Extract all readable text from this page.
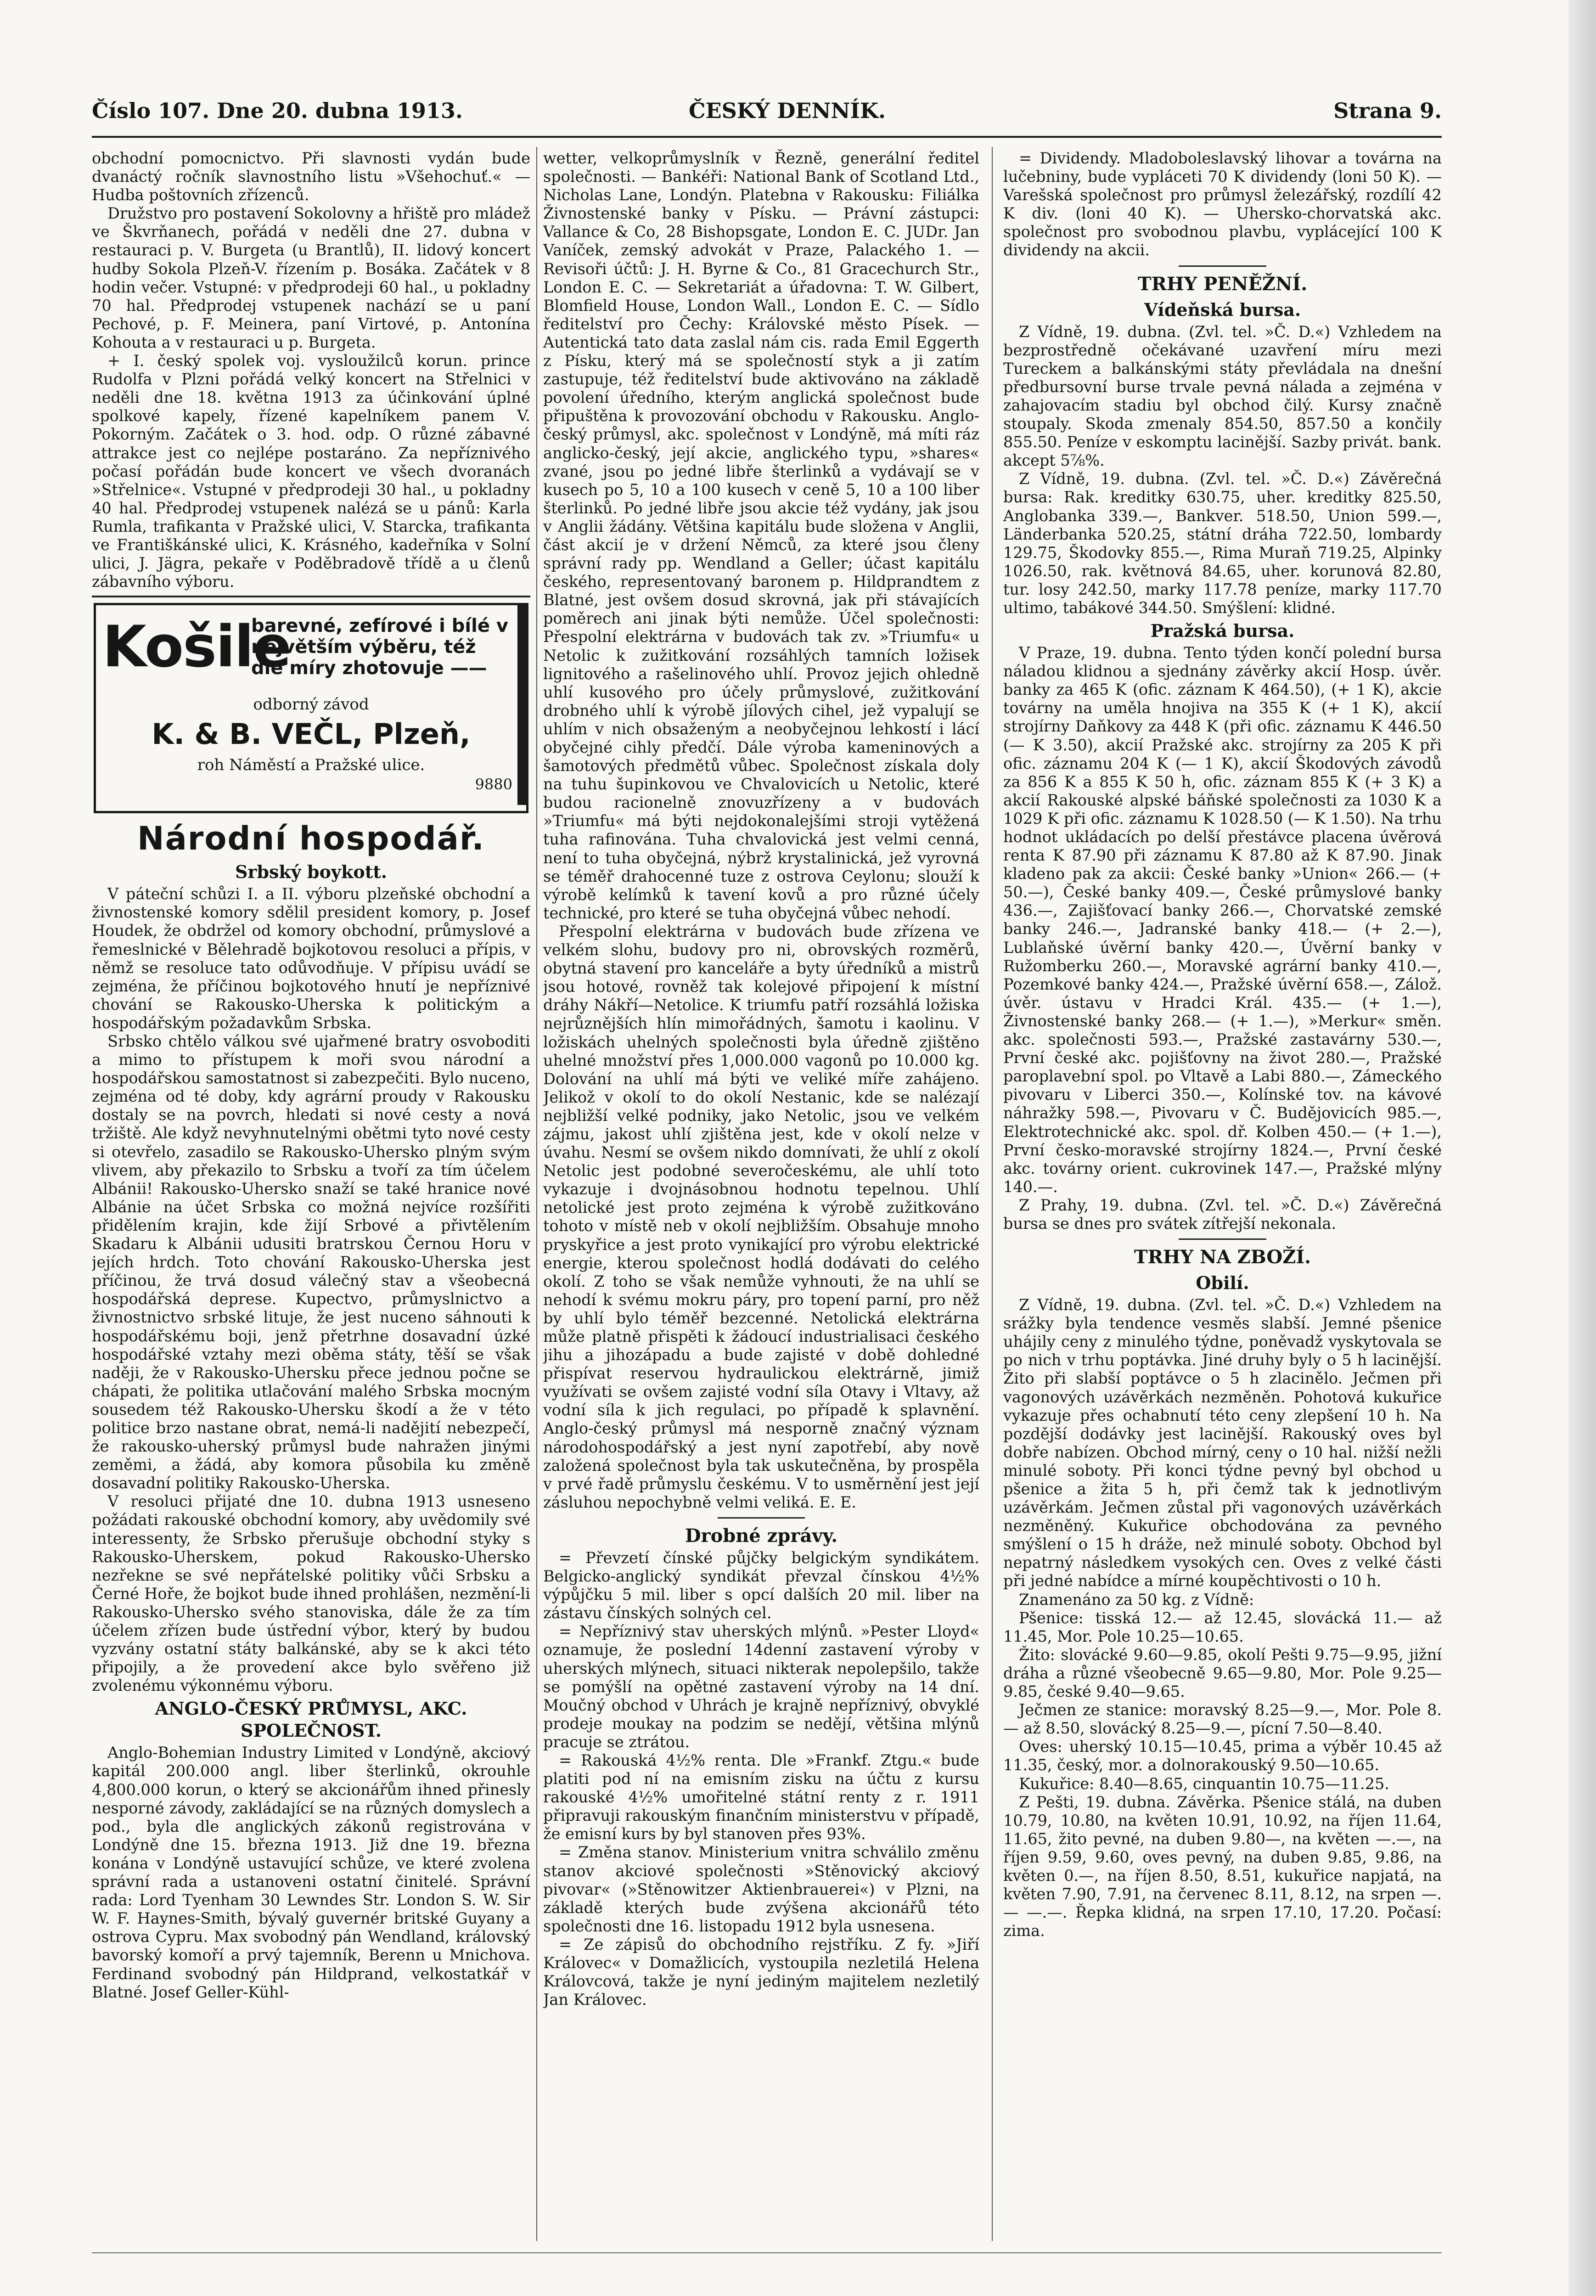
Číslo 107. Dne 20. dubna 1913.	ČESKÝ DENNÍK.	Strana 9.

obchodní pomocnictvo. Při slavnosti vydán bude dvanáctý ročník slavnostního listu »Všehochuť.« — Hudba poštovních zřízenců.

Družstvo pro postavení Sokolovny a hřiště pro mládež ve Škvrňanech, pořádá v neděli dne 27. dubna v restauraci p. V. Burgeta (u Brantlů), II. lidový koncert hudby Sokola Plzeň-V. řízením p. Bosáka. Začátek v 8 hodin večer. Vstupné: v předprodeji 60 hal., u pokladny 70 hal. Předprodej vstupenek nachází se u paní Pechové, p. F. Meinera, paní Virtové, p. Antonína Kohouta a v restauraci u p. Burgeta.

+ I. český spolek voj. vysloužilců korun. prince Rudolfa v Plzni pořádá velký koncert na Střelnici v neděli dne 18. května 1913 za účinkování úplné spolkové kapely, řízené kapelníkem panem V. Pokorným. Začátek o 3. hod. odp. O různé zábavné attrakce jest co nejlépe postaráno. Za nepříznivého počasí pořádán bude koncert ve všech dvoranách »Střelnice«. Vstupné v předprodeji 30 hal., u pokladny 40 hal. Předprodej vstupenek nalézá se u pánů: Karla Rumla, trafikanta v Pražské ulici, V. Starcka, trafikanta ve Františkánské ulici, K. Krásného, kadeřníka v Solní ulici, J. Jägra, pekaře v Poděbradově třídě a u členů zábavního výboru.

Košile
barevné, zefírové i bílé v největším výběru, též dle míry zhotovuje ——
odborný závod
K. & B. VEČL, Plzeň,
roh Náměstí a Pražské ulice.
9880

Národní hospodář.

Srbský boykott.

V páteční schůzi I. a II. výboru plzeňské obchodní a živnostenské komory sdělil president komory, p. Josef Houdek, že obdržel od komory obchodní, průmyslové a řemeslnické v Bělehradě bojkotovou resoluci a přípis, v němž se resoluce tato odůvodňuje. V přípisu uvádí se zejména, že příčinou bojkotového hnutí je nepříznivé chování se Rakousko-Uherska k politickým a hospodářským požadavkům Srbska.

Srbsko chtělo válkou své ujařmené bratry osvoboditi a mimo to přístupem k moři svou národní a hospodářskou samostatnost si zabezpečiti. Bylo nuceno, zejména od té doby, kdy agrární proudy v Rakousku dostaly se na povrch, hledati si nové cesty a nová tržiště. Ale když nevyhnutelnými obětmi tyto nové cesty si otevřelo, zasadilo se Rakousko-Uhersko plným svým vlivem, aby překazilo to Srbsku a tvoří za tím účelem Albánii! Rakousko-Uhersko snaží se také hranice nové Albánie na účet Srbska co možná nejvíce rozšířiti přidělením krajin, kde žijí Srbové a přivtělením Skadaru k Albánii udusiti bratrskou Černou Horu v jejích hrdch. Toto chování Rakousko-Uherska jest příčinou, že trvá dosud válečný stav a všeobecná hospodářská deprese. Kupectvo, průmyslnictvo a živnostnictvo srbské lituje, že jest nuceno sáhnouti k hospodářskému boji, jenž přetrhne dosavadní úzké hospodářské vztahy mezi oběma státy, těší se však naději, že v Rakousko-Uhersku přece jednou počne se chápati, že politika utlačování malého Srbska mocným sousedem též Rakousko-Uhersku škodí a že v této politice brzo nastane obrat, nemá-li nadějití nebezpečí, že rakousko-uherský průmysl bude nahražen jinými zeměmi, a žádá, aby komora působila ku změně dosavadní politiky Rakousko-Uherska.

V resoluci přijaté dne 10. dubna 1913 usneseno požádati rakouské obchodní komory, aby uvědomily své interessenty, že Srbsko přerušuje obchodní styky s Rakousko-Uherskem, pokud Rakousko-Uhersko nezřekne se své nepřátelské politiky vůči Srbsku a Černé Hoře, že bojkot bude ihned prohlášen, nezmění-li Rakousko-Uhersko svého stanoviska, dále že za tím účelem zřízen bude ústřední výbor, který by budou vyzvány ostatní státy balkánské, aby se k akci této připojily, a že provedení akce bylo svěřeno již zvolenému výkonnému výboru.

ANGLO-ČESKÝ PRŮMYSL, AKC. SPOLEČNOST.

Anglo-Bohemian Industry Limited v Londýně, akciový kapitál 200.000 angl. liber šterlinků, okrouhle 4,800.000 korun, o který se akcionářům ihned přinesly nesporné závody, zakládající se na různých domyslech a pod., byla dle anglických zákonů registrována v Londýně dne 15. března 1913. Již dne 19. března konána v Londýně ustavující schůze, ve které zvolena správní rada a ustanoveni ostatní činitelé. Správní rada: Lord Tyenham 30 Lewndes Str. London S. W. Sir W. F. Haynes-Smith, bývalý guvernér britské Guyany a ostrova Cypru. Max svobodný pán Wendland, královský bavorský komoří a prvý tajemník, Berenn u Mnichova. Ferdinand svobodný pán Hildprand, velkostatkář v Blatné. Josef Geller-Kühl-

wetter, velkoprůmyslník v Řezně, generální ředitel společnosti. — Bankéři: National Bank of Scotland Ltd., Nicholas Lane, Londýn. Platebna v Rakousku: Filiálka Živnostenské banky v Písku. — Právní zástupci: Vallance & Co, 28 Bishopsgate, London E. C. JUDr. Jan Vaníček, zemský advokát v Praze, Palackého 1. — Revisoři účtů: J. H. Byrne & Co., 81 Gracechurch Str., London E. C. — Sekretariát a úřadovna: T. W. Gilbert, Blomfield House, London Wall., London E. C. — Sídlo ředitelství pro Čechy: Královské město Písek. — Autentická tato data zaslal nám cis. rada Emil Eggerth z Písku, který má se společností styk a ji zatím zastupuje, též ředitelství bude aktivováno na základě povolení úředního, kterým anglická společnost bude připuštěna k provozování obchodu v Rakousku. Anglo-český průmysl, akc. společnost v Londýně, má míti ráz anglicko-český, její akcie, anglického typu, »shares« zvané, jsou po jedné libře šterlinků a vydávají se v kusech po 5, 10 a 100 kusech v ceně 5, 10 a 100 liber šterlinků. Po jedné libře jsou akcie též vydány, jak jsou v Anglii žádány. Většina kapitálu bude složena v Anglii, část akcií je v držení Němců, za které jsou členy správní rady pp. Wendland a Geller; účast kapitálu českého, representovaný baronem p. Hildprandtem z Blatné, jest ovšem dosud skrovná, jak při stávajících poměrech ani jinak býti nemůže. Účel společnosti: Přespolní elektrárna v budovách tak zv. »Triumfu« u Netolic k zužitkování rozsáhlých tamních ložisek lignitového a rašelinového uhlí. Provoz jejich ohledně uhlí kusového pro účely průmyslové, zužitkování drobného uhlí k výrobě jílových cihel, jež vypalují se uhlím v nich obsaženým a neobyčejnou lehkostí i lácí obyčejné cihly předčí. Dále výroba kameninových a šamotových předmětů vůbec. Společnost získala doly na tuhu šupinkovou ve Chvalovicích u Netolic, které budou racionelně znovuzřízeny a v budovách »Triumfu« má býti nejdokonalejšími stroji vytěžená tuha rafinována. Tuha chvalovická jest velmi cenná, není to tuha obyčejná, nýbrž krystalinická, jež vyrovná se téměř drahocenné tuze z ostrova Ceylonu; slouží k výrobě kelímků k tavení kovů a pro různé účely technické, pro které se tuha obyčejná vůbec nehodí.

Přespolní elektrárna v budovách bude zřízena ve velkém slohu, budovy pro ni, obrovských rozměrů, obytná stavení pro kanceláře a byty úředníků a mistrů jsou hotové, rovněž tak kolejové připojení k místní dráhy Nákří—Netolice. K triumfu patří rozsáhlá ložiska nejrůznějších hlín mimořádných, šamotu i kaolinu. V ložiskách uhelných společnosti byla úředně zjištěno uhelné množství přes 1,000.000 vagonů po 10.000 kg. Dolování na uhlí má býti ve veliké míře zahájeno. Jelikož v okolí to do okolí Nestanic, kde se nalézají nejbližší velké podniky, jako Netolic, jsou ve velkém zájmu, jakost uhlí zjištěna jest, kde v okolí nelze v úvahu. Nesmí se ovšem nikdo domnívati, že uhlí z okolí Netolic jest podobné severočeskému, ale uhlí toto vykazuje i dvojnásobnou hodnotu tepelnou. Uhlí netolické jest proto zejména k výrobě zužitkováno tohoto v místě neb v okolí nejbližším. Obsahuje mnoho pryskyřice a jest proto vynikající pro výrobu elektrické energie, kterou společnost hodlá dodávati do celého okolí. Z toho se však nemůže vyhnouti, že na uhlí se nehodí k svému mokru páry, pro topení parní, pro něž by uhlí bylo téměř bezcenné. Netolická elektrárna může platně přispěti k žádoucí industrialisaci českého jihu a jihozápadu a bude zajisté v době dohledné přispívat reservou hydraulickou elektrárně, jimiž využívati se ovšem zajisté vodní síla Otavy i Vltavy, až vodní síla k jich regulaci, po případě k splavnění. Anglo-český průmysl má nesporně značný význam národohospodářský a jest nyní zapotřebí, aby nově založená společnost byla tak uskutečněna, by prospěla v prvé řadě průmyslu českému. V to usměrnění jest její zásluhou nepochybně velmi veliká. E. E.

Drobné zprávy.

= Převzetí čínské půjčky belgickým syndikátem. Belgicko-anglický syndikát převzal čínskou 4½% výpůjčku 5 mil. liber s opcí dalších 20 mil. liber na zástavu čínských solných cel.

= Nepříznivý stav uherských mlýnů. »Pester Lloyd« oznamuje, že poslední 14denní zastavení výroby v uherských mlýnech, situaci nikterak nepolepšilo, takže se pomýšlí na opětné zastavení výroby na 14 dní. Moučný obchod v Uhrách je krajně nepříznivý, obvyklé prodeje moukay na podzim se nedějí, většina mlýnů pracuje se ztrátou.

= Rakouská 4½% renta. Dle »Frankf. Ztgu.« bude platiti pod ní na emisním zisku na účtu z kursu rakouské 4½% umořitelné státní renty z r. 1911 připravuji rakouským finančním ministerstvu v případě, že emisní kurs by byl stanoven přes 93%.

= Změna stanov. Ministerium vnitra schválilo změnu stanov akciové společnosti »Stěnovický akciový pivovar« (»Stěnowitzer Aktienbrauerei«) v Plzni, na základě kterých bude zvýšena akcionářů této společnosti dne 16. listopadu 1912 byla usnesena.

= Ze zápisů do obchodního rejstříku. Z fy. »Jiří Královec« v Domažlicích, vystoupila nezletilá Helena Královcová, takže je nyní jediným majitelem nezletilý Jan Královec.

= Dividendy. Mladoboleslavský lihovar a továrna na lučebniny, bude vypláceti 70 K dividendy (loni 50 K). — Varešská společnost pro průmysl železářský, rozdílí 42 K div. (loni 40 K). — Uhersko-chorvatská akc. společnost pro svobodnou plavbu, vyplácející 100 K dividendy na akcii.

TRHY PENĚŽNÍ.

Vídeňská bursa.

Z Vídně, 19. dubna. (Zvl. tel. »Č. D.«) Vzhledem na bezprostředně očekávané uzavření míru mezi Tureckem a balkánskými státy převládala na dnešní předbursovní burse trvale pevná nálada a zejména v zahajovacím stadiu byl obchod čilý. Kursy značně stoupaly. Skoda zmenaly 854.50, 857.50 a končily 855.50. Peníze v eskomptu lacinější. Sazby privát. bank. akcept 5⅞%.

Z Vídně, 19. dubna. (Zvl. tel. »Č. D.«) Závěrečná bursa: Rak. kreditky 630.75, uher. kreditky 825.50, Anglobanka 339.—, Bankver. 518.50, Union 599.—, Länderbanka 520.25, státní dráha 722.50, lombardy 129.75, Škodovky 855.—, Rima Muraň 719.25, Alpinky 1026.50, rak. květnová 84.65, uher. korunová 82.80, tur. losy 242.50, marky 117.78 peníze, marky 117.70 ultimo, tabákové 344.50. Smýšlení: klidné.

Pražská bursa.

V Praze, 19. dubna. Tento týden končí polední bursa náladou klidnou a sjednány závěrky akcií Hosp. úvěr. banky za 465 K (ofic. záznam K 464.50), (+ 1 K), akcie továrny na uměla hnojiva na 355 K (+ 1 K), akcií strojírny Daňkovy za 448 K (při ofic. záznamu K 446.50 (— K 3.50), akcií Pražské akc. strojírny za 205 K při ofic. záznamu 204 K (— 1 K), akcií Škodových závodů za 856 K a 855 K 50 h, ofic. záznam 855 K (+ 3 K) a akcií Rakouské alpské báňské společnosti za 1030 K a 1029 K při ofic. záznamu K 1028.50 (— K 1.50). Na trhu hodnot ukládacích po delší přestávce placena úvěrová renta K 87.90 při záznamu K 87.80 až K 87.90. Jinak kladeno pak za akcii: České banky »Union« 266.— (+ 50.—), České banky 409.—, České průmyslové banky 436.—, Zajišťovací banky 266.—, Chorvatské zemské banky 246.—, Jadranské banky 418.— (+ 2.—), Lublaňské úvěrní banky 420.—, Úvěrní banky v Ružomberku 260.—, Moravské agrární banky 410.—, Pozemkové banky 424.—, Pražské úvěrní 658.—, Zálož. úvěr. ústavu v Hradci Král. 435.— (+ 1.—), Živnostenské banky 268.— (+ 1.—), »Merkur« směn. akc. společnosti 593.—, Pražské zastavárny 530.—, První české akc. pojišťovny na život 280.—, Pražské paroplavební spol. po Vltavě a Labi 880.—, Zámeckého pivovaru v Liberci 350.—, Kolínské tov. na kávové náhražky 598.—, Pivovaru v Č. Budějovicích 985.—, Elektrotechnické akc. spol. dř. Kolben 450.— (+ 1.—), První česko-moravské strojírny 1824.—, První české akc. továrny orient. cukrovinek 147.—, Pražské mlýny 140.—.

Z Prahy, 19. dubna. (Zvl. tel. »Č. D.«) Závěrečná bursa se dnes pro svátek zítřejší nekonala.

TRHY NA ZBOŽÍ.

Obilí.

Z Vídně, 19. dubna. (Zvl. tel. »Č. D.«) Vzhledem na srážky byla tendence vesměs slabší. Jemné pšenice uhájily ceny z minulého týdne, poněvadž vyskytovala se po nich v trhu poptávka. Jiné druhy byly o 5 h lacinější. Žito při slabší poptávce o 5 h zlacinělo. Ječmen při vagonových uzávěrkách nezměněn. Pohotová kukuřice vykazuje přes ochabnutí této ceny zlepšení 10 h. Na pozdější dodávky jest lacinější. Rakouský oves byl dobře nabízen. Obchod mírný, ceny o 10 hal. nižší nežli minulé soboty. Při konci týdne pevný byl obchod u pšenice a žita 5 h, při čemž tak k jednotlivým uzávěrkám. Ječmen zůstal při vagonových uzávěrkách nezměněný. Kukuřice obchodována za pevného smýšlení o 15 h dráže, než minulé soboty. Obchod byl nepatrný následkem vysokých cen. Oves z velké části při jedné nabídce a mírné koupěchtivosti o 10 h.

Znamenáno za 50 kg. z Vídně:

Pšenice: tisská 12.— až 12.45, slovácká 11.— až 11.45, Mor. Pole 10.25—10.65.

Žito: slovácké 9.60—9.85, okolí Pešti 9.75—9.95, jižní dráha a různé všeobecně 9.65—9.80, Mor. Pole 9.25—9.85, české 9.40—9.65.

Ječmen ze stanice: moravský 8.25—9.—, Mor. Pole 8.— až 8.50, slovácký 8.25—9.—, pícní 7.50—8.40.

Oves: uherský 10.15—10.45, prima a výběr 10.45 až 11.35, český, mor. a dolnorakouský 9.50—10.65.

Kukuřice: 8.40—8.65, cinquantin 10.75—11.25.

Z Pešti, 19. dubna. Závěrka. Pšenice stálá, na duben 10.79, 10.80, na květen 10.91, 10.92, na říjen 11.64, 11.65, žito pevné, na duben 9.80—, na květen —.—, na říjen 9.59, 9.60, oves pevný, na duben 9.85, 9.86, na květen 0.—, na říjen 8.50, 8.51, kukuřice napjatá, na květen 7.90, 7.91, na červenec 8.11, 8.12, na srpen —.— —.—. Řepka klidná, na srpen 17.10, 17.20. Počasí: zima.
